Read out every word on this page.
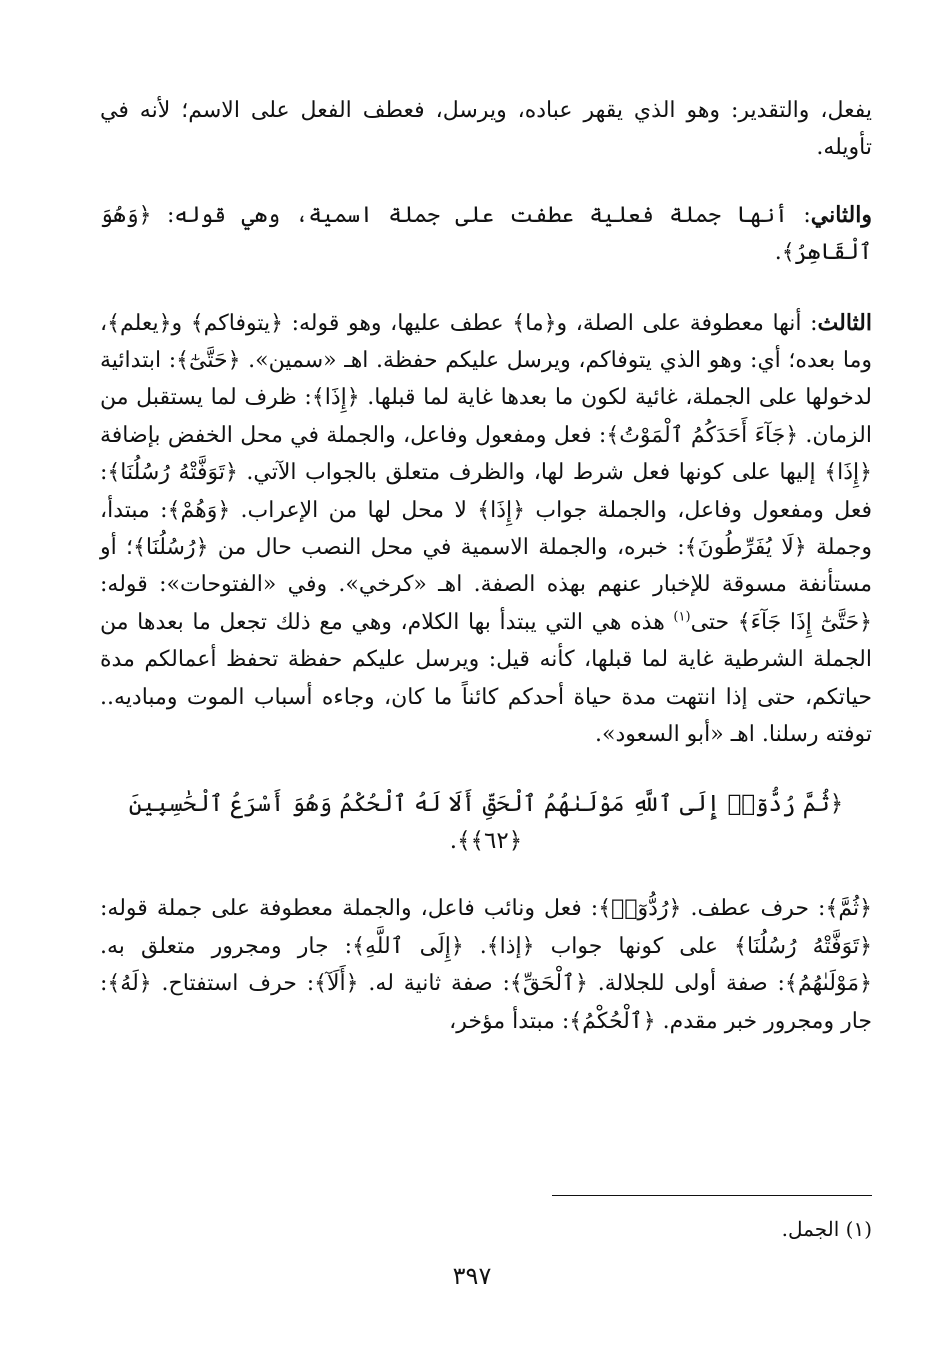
يفعل، والتقدير: وهو الذي يقهر عباده، ويرسل، فعطف الفعل على الاسم؛ لأنه في تأويله.

والثاني: أنها جملة فعلية عطفت على جملة اسمية، وهي قوله: ﴿وَهُوَ ٱلْقَاهِرُ﴾.

الثالث: أنها معطوفة على الصلة، و﴿ما﴾ عطف عليها، وهو قوله: ﴿يتوفاكم﴾ و﴿يعلم﴾، وما بعده؛ أي: وهو الذي يتوفاكم، ويرسل عليكم حفظة. اهـ «سمين». ﴿حَتَّىٰٓ﴾: ابتدائية لدخولها على الجملة، غائية لكون ما بعدها غاية لما قبلها. ﴿إِذَا﴾: ظرف لما يستقبل من الزمان. ﴿جَآءَ أَحَدَكُمُ ٱلْمَوْتُ﴾: فعل ومفعول وفاعل، والجملة في محل الخفض بإضافة ﴿إِذَا﴾ إليها على كونها فعل شرط لها، والظرف متعلق بالجواب الآتي. ﴿تَوَفَّتْهُ رُسُلُنَا﴾: فعل ومفعول وفاعل، والجملة جواب ﴿إِذَا﴾ لا محل لها من الإعراب. ﴿وَهُمْ﴾: مبتدأ، وجملة ﴿لَا يُفَرِّطُونَ﴾: خبره، والجملة الاسمية في محل النصب حال من ﴿رُسُلُنَا﴾؛ أو مستأنفة مسوقة للإخبار عنهم بهذه الصفة. اهـ «كرخي». وفي «الفتوحات»: قوله: ﴿حَتَّىٰٓ إِذَا جَآءَ﴾ حتى$^{(١)}$ هذه هي التي يبتدأ بها الكلام، وهي مع ذلك تجعل ما بعدها من الجملة الشرطية غاية لما قبلها، كأنه قيل: ويرسل عليكم حفظة تحفظ أعمالكم مدة حياتكم، حتى إذا انتهت مدة حياة أحدكم كائناً ما كان، وجاءه أسباب الموت ومباديه.. توفته رسلنا. اهـ «أبو السعود».

﴿ثُمَّ رُدُّوٓا۟ إِلَى ٱللَّهِ مَوْلَىٰهُمُ ٱلْحَقِّ أَلَا لَهُ ٱلْحُكْمُ وَهُوَ أَسْرَعُ ٱلْحَٰسِبِينَ ﴿٦٢﴾﴾.

﴿ثُمَّ﴾: حرف عطف. ﴿رُدُّوٓا۟﴾: فعل ونائب فاعل، والجملة معطوفة على جملة قوله: ﴿تَوَفَّتْهُ رُسُلُنَا﴾ على كونها جواب ﴿إذا﴾. ﴿إِلَى ٱللَّهِ﴾: جار ومجرور متعلق به. ﴿مَوْلَىٰهُمُ﴾: صفة أولى للجلالة. ﴿ٱلْحَقِّ﴾: صفة ثانية له. ﴿أَلَآ﴾: حرف استفتاح. ﴿لَهُ﴾: جار ومجرور خبر مقدم. ﴿ٱلْحُكْمُ﴾: مبتدأ مؤخر،

(١) الجمل.
٣٩٧
